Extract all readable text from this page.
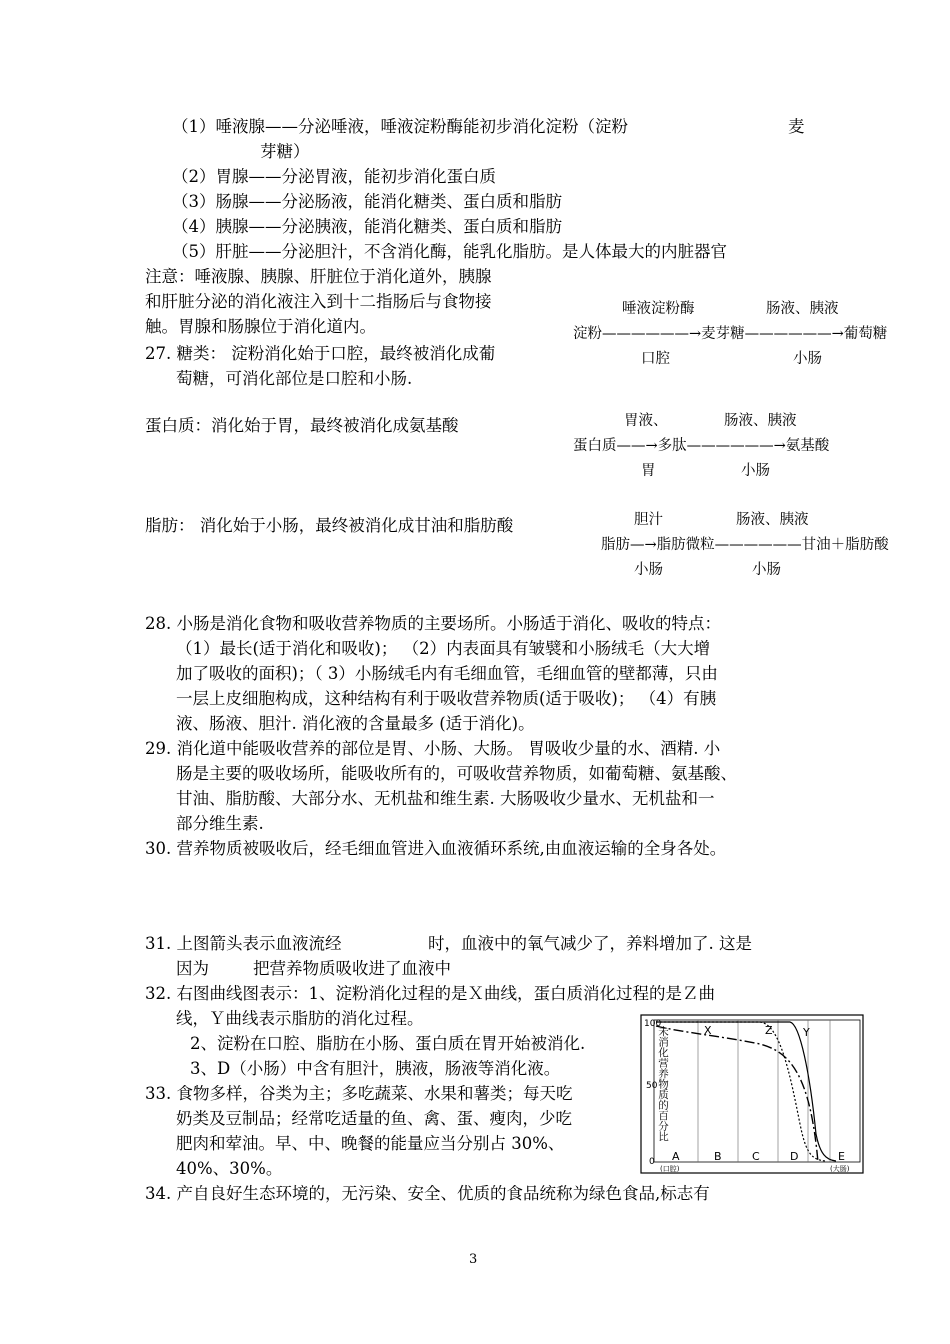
（1）唾液腺——分泌唾液，唾液淀粉酶能初步消化淀粉（淀粉	麦
芽糖）
（2）胃腺——分泌胃液，能初步消化蛋白质
（3）肠腺——分泌肠液，能消化糖类、蛋白质和脂肪
（4）胰腺——分泌胰液，能消化糖类、蛋白质和脂肪
（5）肝脏——分泌胆汁，不含消化酶，能乳化脂肪。是人体最大的内脏器官
注意：唾液腺、胰腺、肝脏位于消化道外，胰腺
和肝脏分泌的消化液注入到十二指肠后与食物接
触。胃腺和肠腺位于消化道内。
27. 糖类： 淀粉消化始于口腔，最终被消化成葡
萄糖，可消化部位是口腔和小肠.
蛋白质：消化始于胃，最终被消化成氨基酸
脂肪： 消化始于小肠，最终被消化成甘油和脂肪酸
唾液淀粉酶	肠液、胰液
淀粉——————→麦芽糖——————→葡萄糖
口腔	小肠
胃液、	肠液、胰液
蛋白质——→多肽——————→氨基酸
胃	小肠
胆汁	肠液、胰液
脂肪—→脂肪微粒——————甘油＋脂肪酸
小肠	小肠
28. 小肠是消化食物和吸收营养物质的主要场所。小肠适于消化、吸收的特点：
（1）最长(适于消化和吸收)； （2）内表面具有皱襞和小肠绒毛（大大增
加了吸收的面积)；（ 3）小肠绒毛内有毛细血管，毛细血管的壁都薄，只由
一层上皮细胞构成，这种结构有利于吸收营养物质(适于吸收)； （4）有胰
液、肠液、胆汁. 消化液的含量最多 (适于消化)。
29. 消化道中能吸收营养的部位是胃、小肠、大肠。 胃吸收少量的水、酒精. 小
肠是主要的吸收场所，能吸收所有的，可吸收营养物质，如葡萄糖、氨基酸、
甘油、脂肪酸、大部分水、无机盐和维生素. 大肠吸收少量水、无机盐和一
部分维生素.
30. 营养物质被吸收后，经毛细血管进入血液循环系统,由血液运输的全身各处。
31. 上图箭头表示血液流经	时，血液中的氧气减少了，养料增加了. 这是
因为	把营养物质吸收进了血液中
32. 右图曲线图表示：1、淀粉消化过程的是Ｘ曲线，蛋白质消化过程的是Ｚ曲
线，Ｙ曲线表示脂肪的消化过程。
2、淀粉在口腔、脂肪在小肠、蛋白质在胃开始被消化.
3、D（小肠）中含有胆汁，胰液，肠液等消化液。
33. 食物多样，谷类为主；多吃蔬菜、水果和薯类；每天吃
奶类及豆制品；经常吃适量的鱼、禽、蛋、瘦肉，少吃
肥肉和荤油。早、中、晚餐的能量应当分别占 30%、
40%、30%。
34. 产自良好生态环境的，无污染、安全、优质的食品统称为绿色食品,标志有
未消化营养物质的百分比
100
50
0 A	B	C	D	E
(口腔)	(大肠)
X	Z	Y
3
